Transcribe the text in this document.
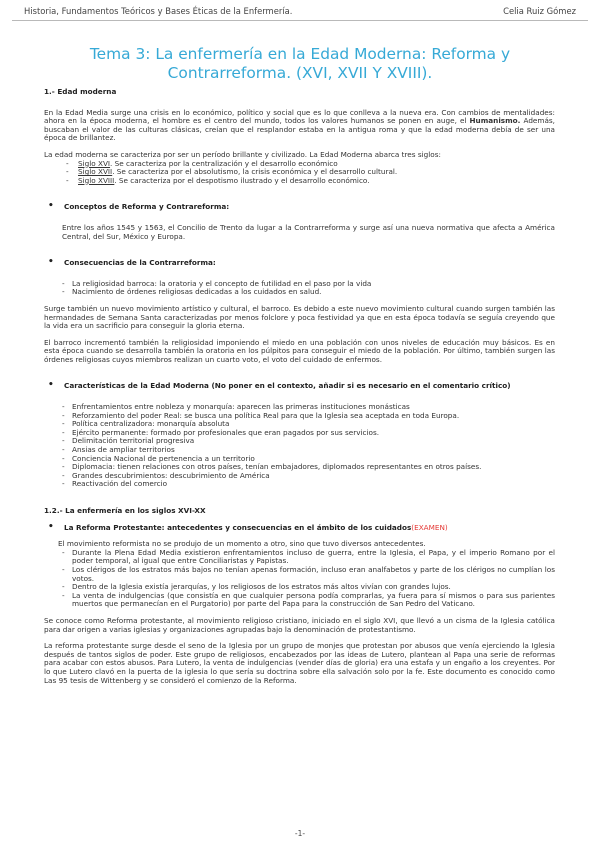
Historia, Fundamentos Teóricos y Bases Éticas de la Enfermería.	Celia Ruiz Gómez
Tema 3: La enfermería en la Edad Moderna: Reforma y Contrarreforma. (XVI, XVII Y XVIII).

1.- Edad moderna

En la Edad Media surge una crisis en lo económico, político y social que es lo que conlleva a la nueva era. Con cambios de mentalidades: ahora en la época moderna, el hombre es el centro del mundo, todos los valores humanos se ponen en auge, el Humanismo. Además, buscaban el valor de las culturas clásicas, creían que el resplandor estaba en la antigua roma y que la edad moderna debía de ser una época de brillantez.

La edad moderna se caracteriza por ser un período brillante y civilizado. La Edad Moderna abarca tres siglos:

-	Siglo XVI. Se caracteriza por la centralización y el desarrollo económico
-	Siglo XVII. Se caracteriza por el absolutismo, la crisis económica y el desarrollo cultural.
-	Siglo XVIII. Se caracteriza por el despotismo ilustrado y el desarrollo económico.

• Conceptos de Reforma y Contrareforma:

Entre los años 1545 y 1563, el Concilio de Trento da lugar a la Contrarreforma y surge así una nueva normativa que afecta a América Central, del Sur, México y Europa.

• Consecuencias de la Contrarreforma:

-	La religiosidad barroca: la oratoria y el concepto de futilidad en el paso por la vida
-	Nacimiento de órdenes religiosas dedicadas a los cuidados en salud.

Surge también un nuevo movimiento artístico y cultural, el barroco. Es debido a este nuevo movimiento cultural cuando surgen también las hermandades de Semana Santa caracterizadas por menos folclore y poca festividad ya que en esta época todavía se seguía creyendo que la vida era un sacrificio para conseguir la gloria eterna.

El barroco incrementó también la religiosidad imponiendo el miedo en una población con unos niveles de educación muy básicos. Es en esta época cuando se desarrolla también la oratoria en los púlpitos para conseguir el miedo de la población. Por último, también surgen las órdenes religiosas cuyos miembros realizan un cuarto voto, el voto del cuidado de enfermos.

• Características de la Edad Moderna (No poner en el contexto, añadir si es necesario en el comentario crítico)

-	Enfrentamientos entre nobleza y monarquía: aparecen las primeras instituciones monásticas
-	Reforzamiento del poder Real: se busca una política Real para que la Iglesia sea aceptada en toda Europa.
-	Política centralizadora: monarquía absoluta
-	Ejército permanente: formado por profesionales que eran pagados por sus servicios.
-	Delimitación territorial progresiva
-	Ansias de ampliar territorios
-	Conciencia Nacional de pertenencia a un territorio
-	Diplomacia: tienen relaciones con otros países, tenían embajadores, diplomados representantes en otros países.
-	Grandes descubrimientos: descubrimiento de América
-	Reactivación del comercio

1.2.- La enfermería en los siglos XVI-XX

• La Reforma Protestante: antecedentes y consecuencias en el ámbito de los cuidados(EXAMEN)

El movimiento reformista no se produjo de un momento a otro, sino que tuvo diversos antecedentes.

-	Durante la Plena Edad Media existieron enfrentamientos incluso de guerra, entre la Iglesia, el Papa, y el imperio Romano por el poder temporal, al igual que entre Conciliaristas y Papistas.
-	Los clérigos de los estratos más bajos no tenían apenas formación, incluso eran analfabetos y parte de los clérigos no cumplían los votos.
-	Dentro de la Iglesia existía jerarquías, y los religiosos de los estratos más altos vivían con grandes lujos.
-	La venta de indulgencias (que consistía en que cualquier persona podía comprarlas, ya fuera para sí mismos o para sus parientes muertos que permanecían en el Purgatorio) por parte del Papa para la construcción de San Pedro del Vaticano.

Se conoce como Reforma protestante, al movimiento religioso cristiano, iniciado en el siglo XVI, que llevó a un cisma de la Iglesia católica para dar origen a varias iglesias y organizaciones agrupadas bajo la denominación de protestantismo.

La reforma protestante surge desde el seno de la Iglesia por un grupo de monjes que protestan por abusos que venía ejerciendo la Iglesia después de tantos siglos de poder. Este grupo de religiosos, encabezados por las ideas de Lutero, plantean al Papa una serie de reformas para acabar con estos abusos. Para Lutero, la venta de indulgencias (vender días de gloria) era una estafa y un engaño a los creyentes. Por lo que Lutero clavó en la puerta de la iglesia lo que sería su doctrina sobre ella salvación solo por la fe. Este documento es conocido como Las 95 tesis de Wittenberg y se consideró el comienzo de la Reforma.

-1-
